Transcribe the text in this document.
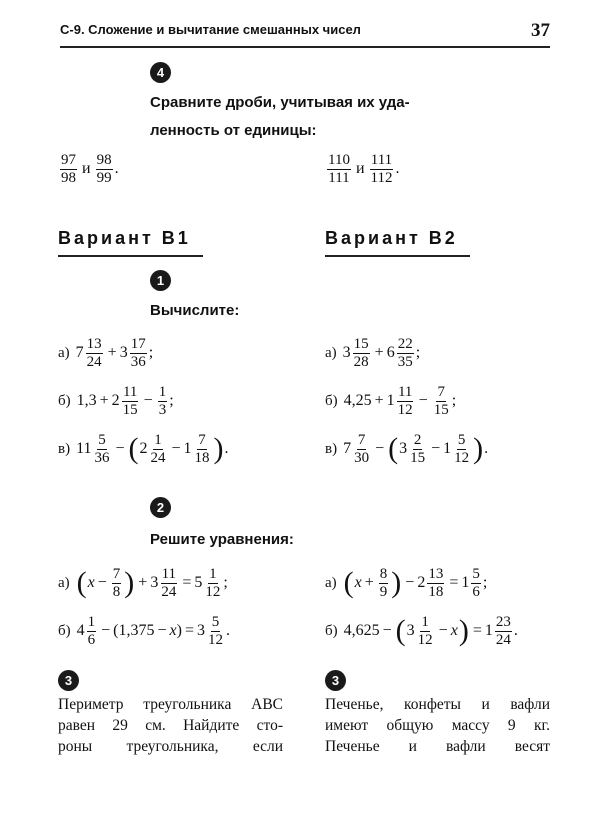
С-9. Сложение и вычитание смешанных чисел	37
4
Сравните дроби, учитывая их уда-
ленность от единицы:
$\frac{97}{98}$ и $\frac{98}{99}$ .	$\frac{110}{111}$ и $\frac{111}{112}$ .
Вариант В1	Вариант В2
1
Вычислите:
а) $7 \frac{13}{24} + 3 \frac{17}{36}$ ;
б) $1,3 + 2 \frac{11}{15} - \frac{1}{3}$ ;
в) $11 \frac{5}{36}$ − ( $2 \frac{1}{24} - 1 \frac{7}{18}$ ) .
а) $3 \frac{15}{28} + 6 \frac{22}{35}$ ;
б) $4,25 + 1 \frac{11}{12} - \frac{7}{15}$ ;
в) $7 \frac{7}{30}$ − ( $3 \frac{2}{15} - 1 \frac{5}{12}$ ) .
2
Решите уравнения:
а) ( $x - \frac{7}{8}$ ) + $3 \frac{11}{24} = 5 \frac{1}{12}$ ;
б) $4 \frac{1}{6}$ − ( 1,375 − x ) = $3 \frac{5}{12}$ .
а) ( $x + \frac{8}{9}$ ) − $2 \frac{13}{18} = 1 \frac{5}{6}$ ;
б) 4,625 − ( $3 \frac{1}{12} - x$ ) = $1 \frac{23}{24}$ .
3	3
Периметр треугольника ABC
равен 29 см. Найдите сто-
роны треугольника, если
Печенье, конфеты и вафли
имеют общую массу 9 кг.
Печенье и вафли весят
